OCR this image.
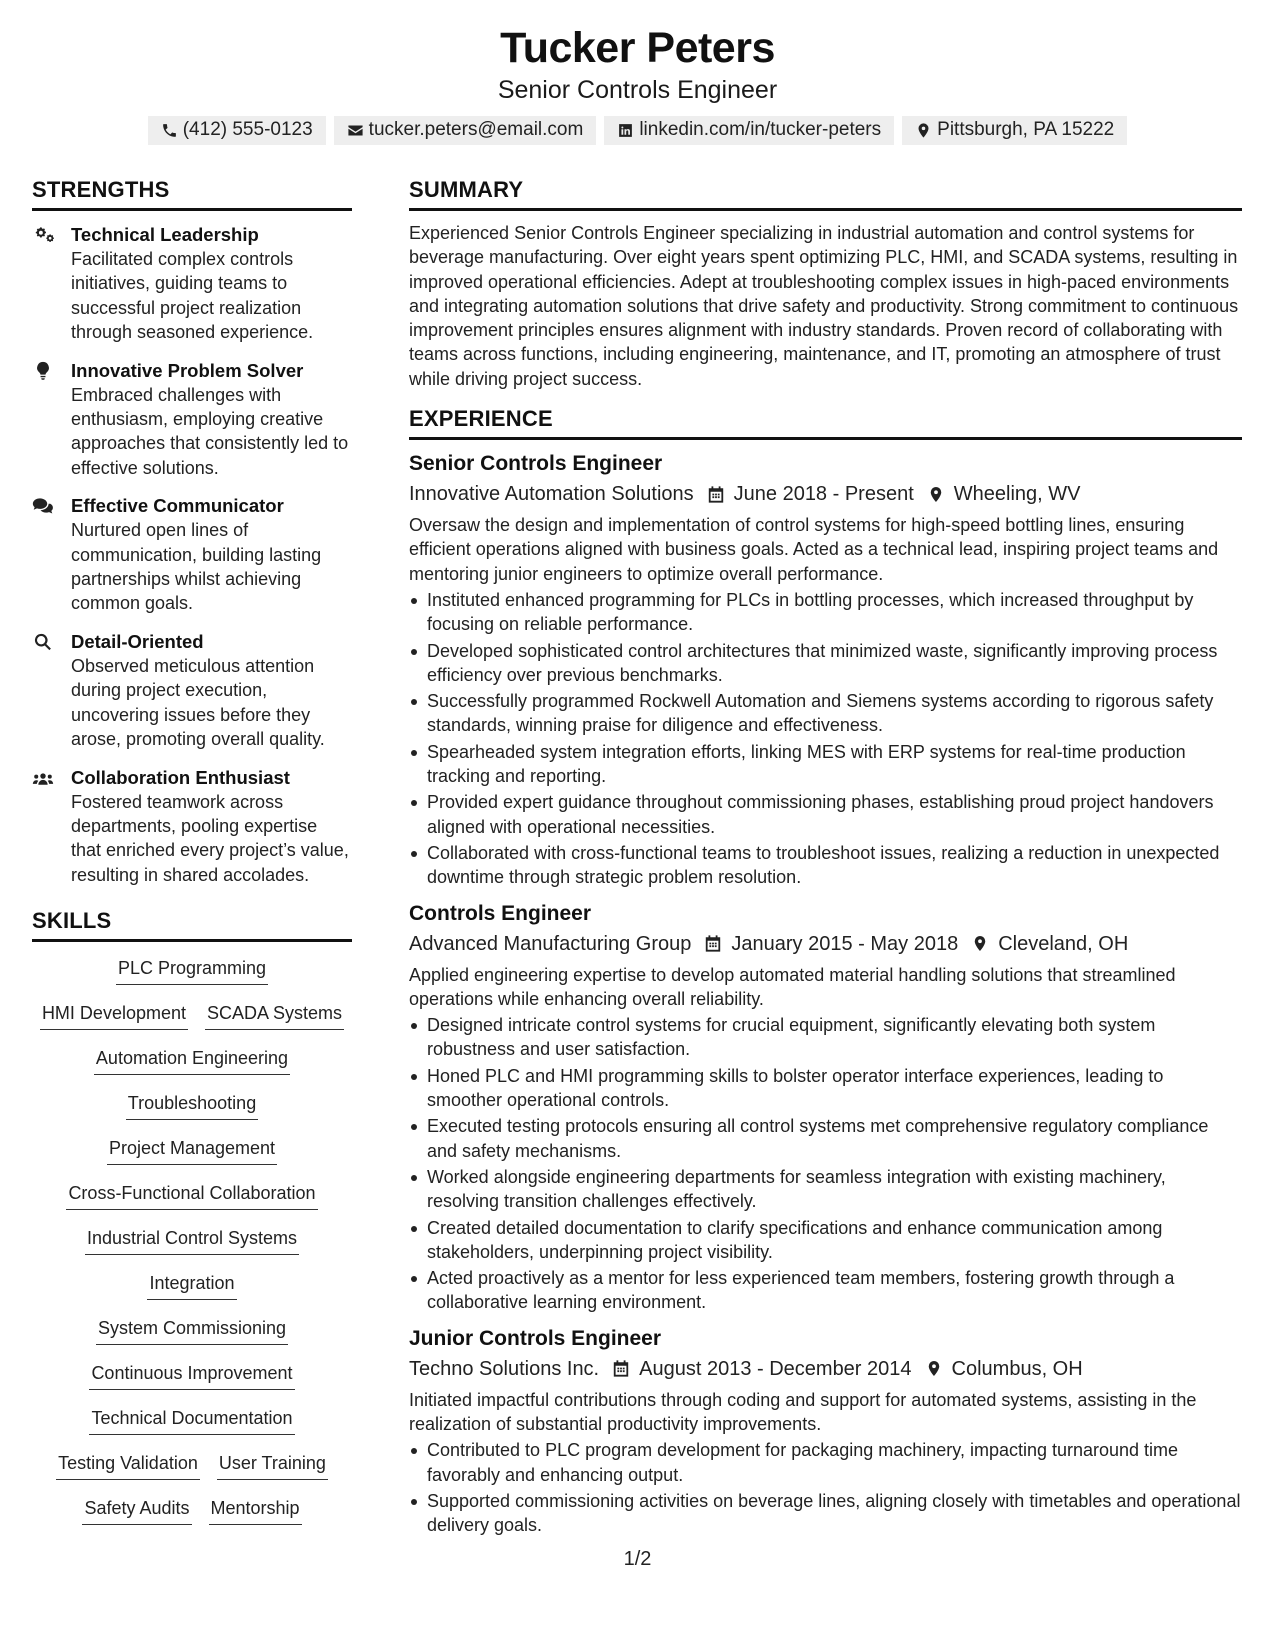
Tucker Peters
Senior Controls Engineer
(412) 555-0123	tucker.peters@email.com	linkedin.com/in/tucker-peters	Pittsburgh, PA 15222
STRENGTHS
Technical Leadership
Facilitated complex controls initiatives, guiding teams to successful project realization through seasoned experience.
Innovative Problem Solver
Embraced challenges with enthusiasm, employing creative approaches that consistently led to effective solutions.
Effective Communicator
Nurtured open lines of communication, building lasting partnerships whilst achieving common goals.
Detail-Oriented
Observed meticulous attention during project execution, uncovering issues before they arose, promoting overall quality.
Collaboration Enthusiast
Fostered teamwork across departments, pooling expertise that enriched every project’s value, resulting in shared accolades.
SKILLS
PLC Programming
HMI Development SCADA Systems
Automation Engineering
Troubleshooting
Project Management
Cross-Functional Collaboration
Industrial Control Systems
Integration
System Commissioning
Continuous Improvement
Technical Documentation
Testing Validation User Training
Safety Audits Mentorship
SUMMARY
Experienced Senior Controls Engineer specializing in industrial automation and control systems for beverage manufacturing. Over eight years spent optimizing PLC, HMI, and SCADA systems, resulting in improved operational efficiencies. Adept at troubleshooting complex issues in high-paced environments and integrating automation solutions that drive safety and productivity. Strong commitment to continuous improvement principles ensures alignment with industry standards. Proven record of collaborating with teams across functions, including engineering, maintenance, and IT, promoting an atmosphere of trust while driving project success.
EXPERIENCE
Senior Controls Engineer
Innovative Automation Solutions June 2018 - Present Wheeling, WV
Oversaw the design and implementation of control systems for high-speed bottling lines, ensuring efficient operations aligned with business goals. Acted as a technical lead, inspiring project teams and mentoring junior engineers to optimize overall performance.
Instituted enhanced programming for PLCs in bottling processes, which increased throughput by focusing on reliable performance.
Developed sophisticated control architectures that minimized waste, significantly improving process efficiency over previous benchmarks.
Successfully programmed Rockwell Automation and Siemens systems according to rigorous safety standards, winning praise for diligence and effectiveness.
Spearheaded system integration efforts, linking MES with ERP systems for real-time production tracking and reporting.
Provided expert guidance throughout commissioning phases, establishing proud project handovers aligned with operational necessities.
Collaborated with cross-functional teams to troubleshoot issues, realizing a reduction in unexpected downtime through strategic problem resolution.
Controls Engineer
Advanced Manufacturing Group January 2015 - May 2018 Cleveland, OH
Applied engineering expertise to develop automated material handling solutions that streamlined operations while enhancing overall reliability.
Designed intricate control systems for crucial equipment, significantly elevating both system robustness and user satisfaction.
Honed PLC and HMI programming skills to bolster operator interface experiences, leading to smoother operational controls.
Executed testing protocols ensuring all control systems met comprehensive regulatory compliance and safety mechanisms.
Worked alongside engineering departments for seamless integration with existing machinery, resolving transition challenges effectively.
Created detailed documentation to clarify specifications and enhance communication among stakeholders, underpinning project visibility.
Acted proactively as a mentor for less experienced team members, fostering growth through a collaborative learning environment.
Junior Controls Engineer
Techno Solutions Inc. August 2013 - December 2014 Columbus, OH
Initiated impactful contributions through coding and support for automated systems, assisting in the realization of substantial productivity improvements.
Contributed to PLC program development for packaging machinery, impacting turnaround time favorably and enhancing output.
Supported commissioning activities on beverage lines, aligning closely with timetables and operational delivery goals.
1/2
